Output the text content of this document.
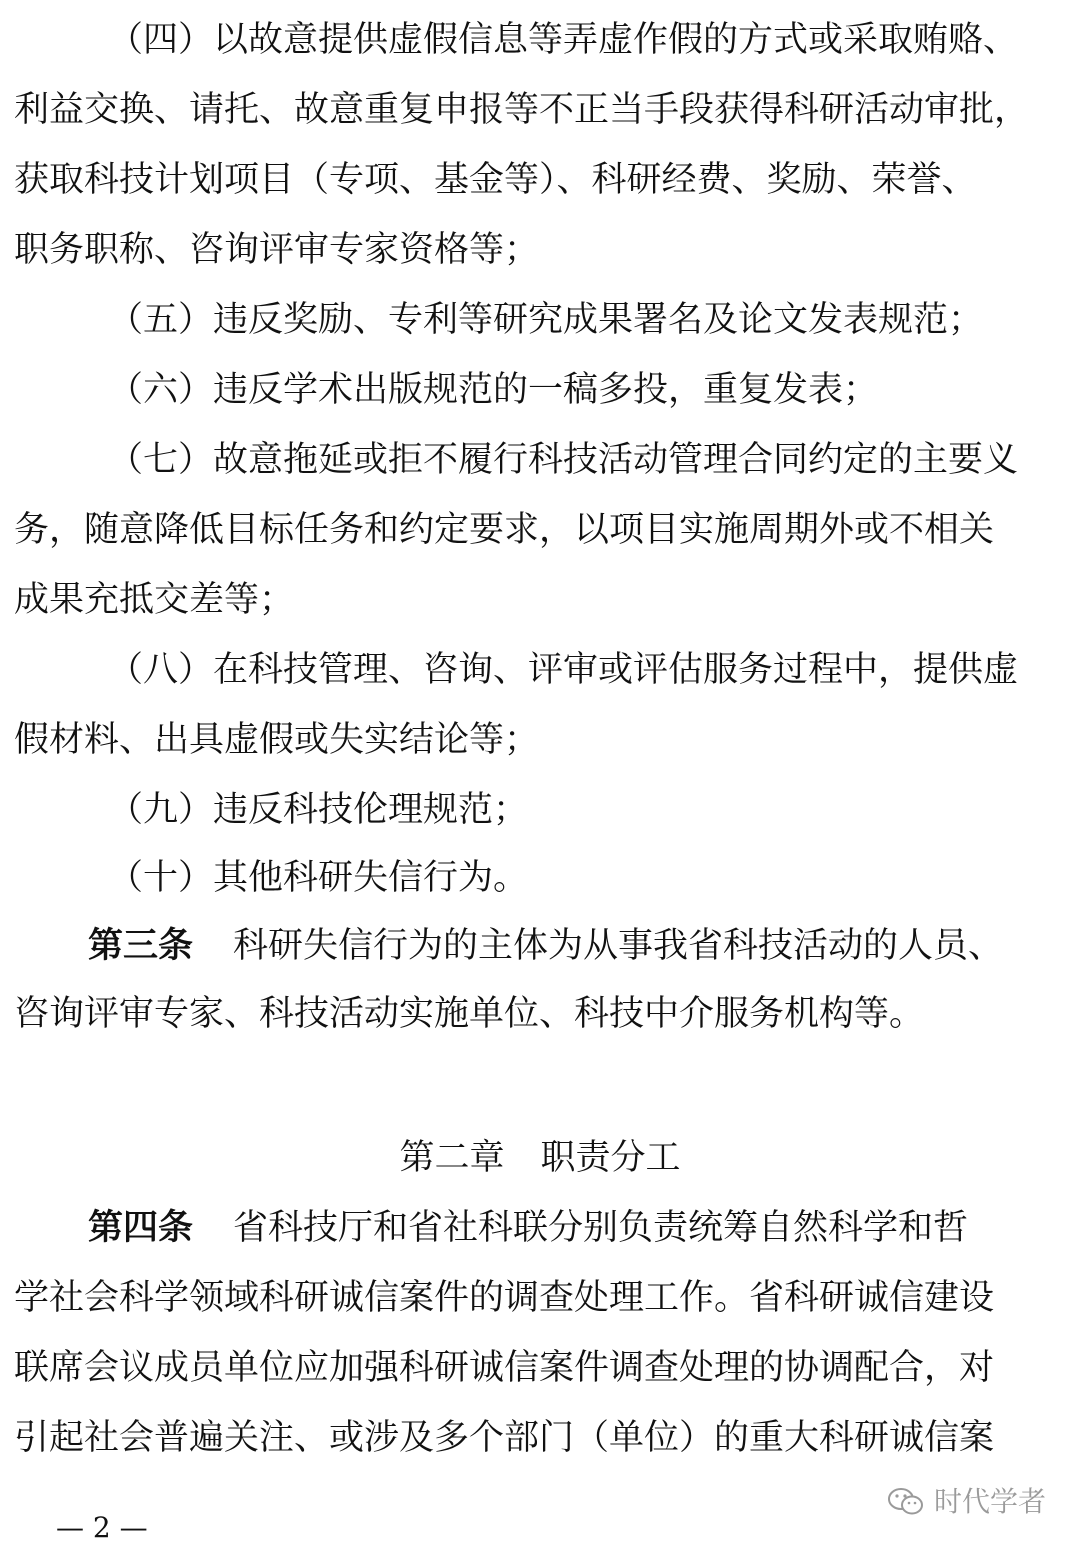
（四）以故意提供虚假信息等弄虚作假的方式或采取贿赂、
利益交换、请托、故意重复申报等不正当手段获得科研活动审批，
获取科技计划项目（专项、基金等）、科研经费、奖励、荣誉、
职务职称、咨询评审专家资格等；
（五）违反奖励、专利等研究成果署名及论文发表规范；
（六）违反学术出版规范的一稿多投，重复发表；
（七）故意拖延或拒不履行科技活动管理合同约定的主要义
务，随意降低目标任务和约定要求，以项目实施周期外或不相关
成果充抵交差等；
（八）在科技管理、咨询、评审或评估服务过程中，提供虚
假材料、出具虚假或失实结论等；
（九）违反科技伦理规范；
（十）其他科研失信行为。
第三条 科研失信行为的主体为从事我省科技活动的人员、
咨询评审专家、科技活动实施单位、科技中介服务机构等。
第二章 职责分工
第四条 省科技厅和省社科联分别负责统筹自然科学和哲
学社会科学领域科研诚信案件的调查处理工作。省科研诚信建设
联席会议成员单位应加强科研诚信案件调查处理的协调配合，对
引起社会普遍关注、或涉及多个部门（单位）的重大科研诚信案
— 2 —
时代学者
